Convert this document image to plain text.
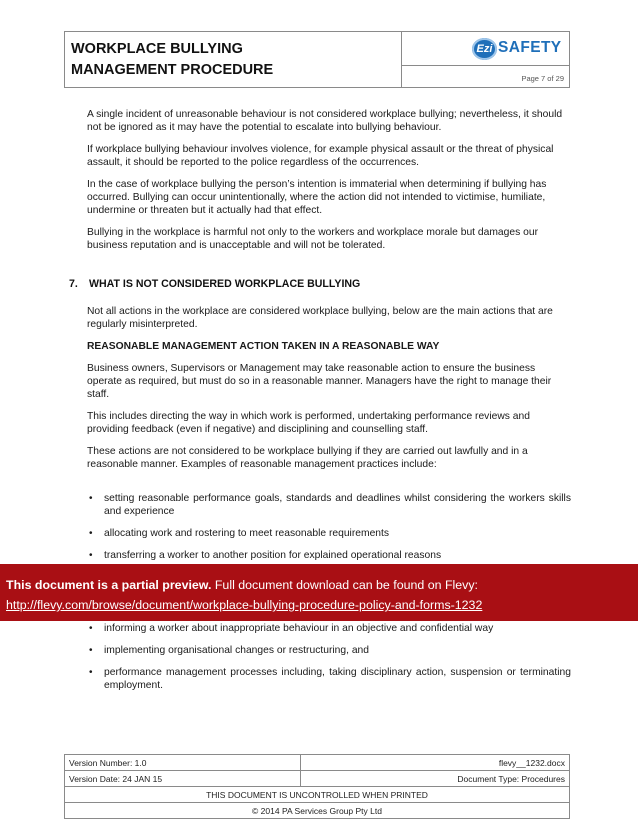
WORKPLACE BULLYING
MANAGEMENT PROCEDURE
Ezi SAFETY
Page 7 of 29

A single incident of unreasonable behaviour is not considered workplace bullying; nevertheless, it should not be ignored as it may have the potential to escalate into bullying behaviour.

If workplace bullying behaviour involves violence, for example physical assault or the threat of physical assault, it should be reported to the police regardless of the occurrences.

In the case of workplace bullying the person’s intention is immaterial when determining if bullying has occurred. Bullying can occur unintentionally, where the action did not intended to victimise, humiliate, undermine or threaten but it actually had that effect.

Bullying in the workplace is harmful not only to the workers and workplace morale but damages our business reputation and is unacceptable and will not be tolerated.

7. WHAT IS NOT CONSIDERED WORKPLACE BULLYING

Not all actions in the workplace are considered workplace bullying, below are the main actions that are regularly misinterpreted.

REASONABLE MANAGEMENT ACTION TAKEN IN A REASONABLE WAY

Business owners, Supervisors or Management may take reasonable action to ensure the business operate as required, but must do so in a reasonable manner. Managers have the right to manage their staff.

This includes directing the way in which work is performed, undertaking performance reviews and providing feedback (even if negative) and disciplining and counselling staff.

These actions are not considered to be workplace bullying if they are carried out lawfully and in a reasonable manner. Examples of reasonable management practices include:

• setting reasonable performance goals, standards and deadlines whilst considering the workers skills and experience
• allocating work and rostering to meet reasonable requirements
• transferring a worker to another position for explained operational reasons
This document is a partial preview. Full document download can be found on Flevy:
http://flevy.com/browse/document/workplace-bullying-procedure-policy-and-forms-1232
• informing a worker about inappropriate behaviour in an objective and confidential way
• implementing organisational changes or restructuring, and
• performance management processes including, taking disciplinary action, suspension or terminating employment.
Version Number: 1.0	flevy__1232.docx
Version Date: 24 JAN 15	Document Type: Procedures
THIS DOCUMENT IS UNCONTROLLED WHEN PRINTED	
© 2014 PA Services Group Pty Ltd	
